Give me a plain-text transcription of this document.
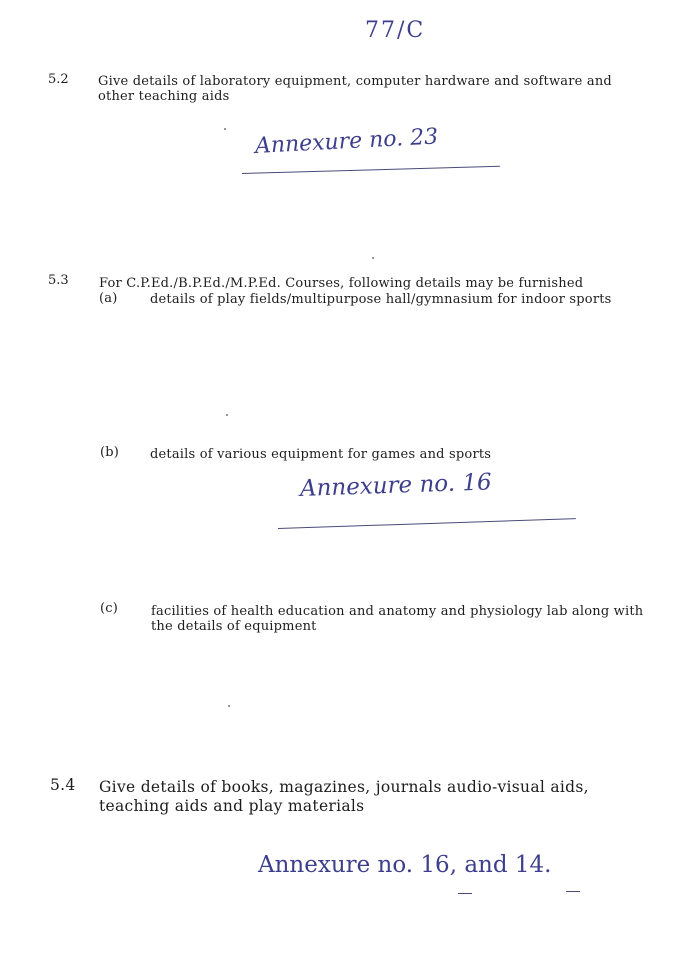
77/C
5.2 Give details of laboratory equipment, computer hardware and software and
other teaching aids
Annexure no. 23
5.3 For C.P.Ed./B.P.Ed./M.P.Ed. Courses, following details may be furnished
(a)	details of play fields/multipurpose hall/gymnasium for indoor sports
(b) details of various equipment for games and sports
Annexure no. 16
(c)	facilities of health education and anatomy and physiology lab along with
the details of equipment
5.4 Give details of books, magazines, journals audio-visual aids,
teaching aids and play materials
Annexure no. 16, and 14.
